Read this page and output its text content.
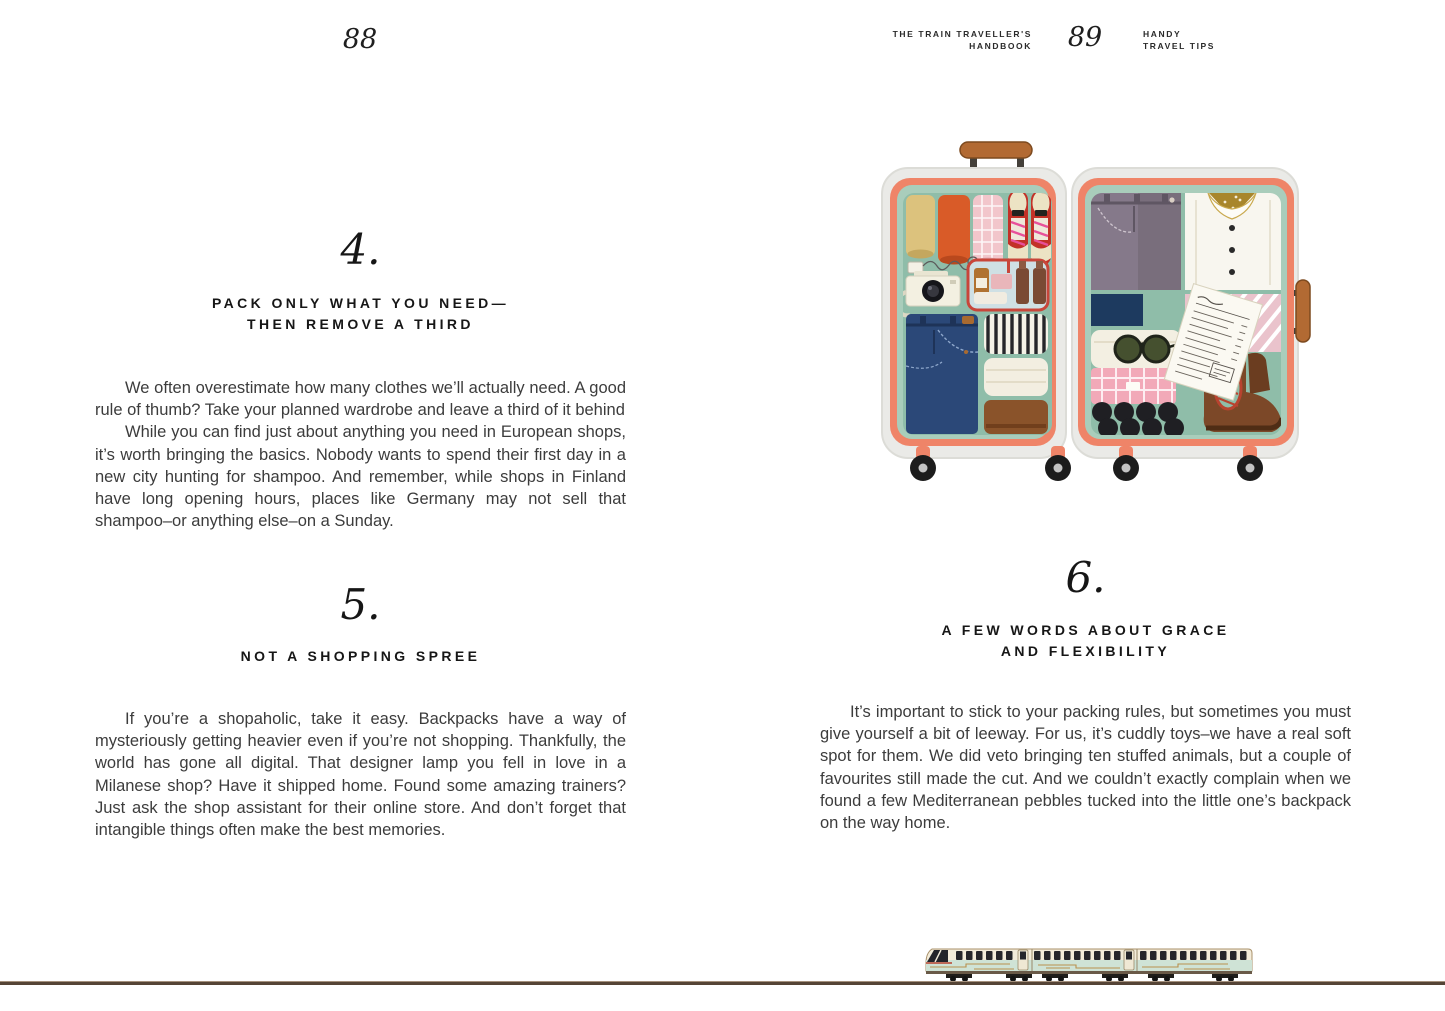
88	THE TRAIN TRAVELLER'S
HANDBOOK 89	HANDY
TRAVEL TIPS
4.
PACK ONLY WHAT YOU NEED—
THEN REMOVE A THIRD

We often overestimate how many clothes we’ll actually need. A good rule of thumb? Take your planned wardrobe and leave a third of it behind

While you can find just about anything you need in European shops, it’s worth bringing the basics. Nobody wants to spend their first day in a new city hunting for shampoo. And remember, while shops in Finland have long opening hours, places like Germany may not sell that shampoo–or anything else–on a Sunday.

5.
NOT A SHOPPING SPREE

If you’re a shopaholic, take it easy. Backpacks have a way of mysteriously getting heavier even if you’re not shopping. Thankfully, the world has gone all digital. That designer lamp you fell in love in a Milanese shop? Have it shipped home. Found some amazing trainers? Just ask the shop assistant for their online store. And don’t forget that intangible things often make the best memories.

6.
A FEW WORDS ABOUT GRACE
AND FLEXIBILITY

It’s important to stick to your packing rules, but sometimes you must give yourself a bit of leeway. For us, it’s cuddly toys–we have a real soft spot for them. We did veto bringing ten stuffed animals, but a couple of favourites still made the cut. And we couldn’t exactly complain when we found a few Mediterranean pebbles tucked into the little one’s backpack on the way home.
